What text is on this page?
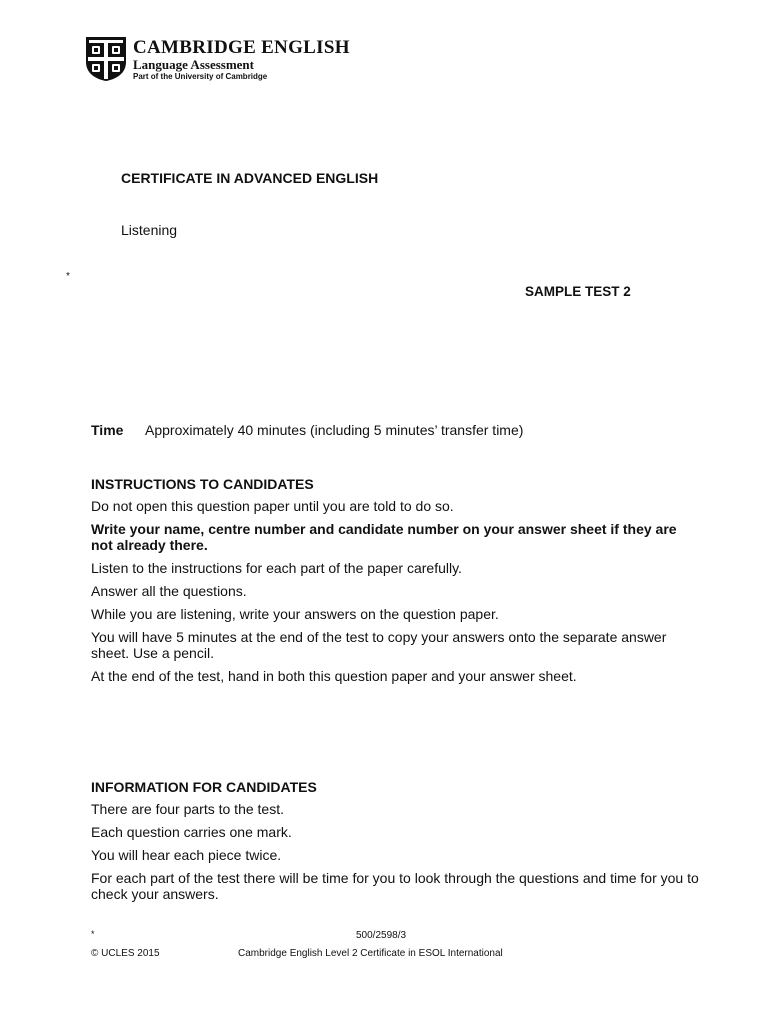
CAMBRIDGE ENGLISH
Language Assessment
Part of the University of Cambridge
CERTIFICATE IN ADVANCED ENGLISH
Listening
*
SAMPLE TEST 2
Time Approximately 40 minutes (including 5 minutes’ transfer time)
INSTRUCTIONS TO CANDIDATES

Do not open this question paper until you are told to do so.

Write your name, centre number and candidate number on your answer sheet if they are not already there.

Listen to the instructions for each part of the paper carefully.

Answer all the questions.

While you are listening, write your answers on the question paper.

You will have 5 minutes at the end of the test to copy your answers onto the separate answer sheet. Use a pencil.

At the end of the test, hand in both this question paper and your answer sheet.

INFORMATION FOR CANDIDATES

There are four parts to the test.

Each question carries one mark.

You will hear each piece twice.

For each part of the test there will be time for you to look through the questions and time for you to check your answers.

*	500/2598/3
© UCLES 2015	Cambridge English Level 2 Certificate in ESOL International
